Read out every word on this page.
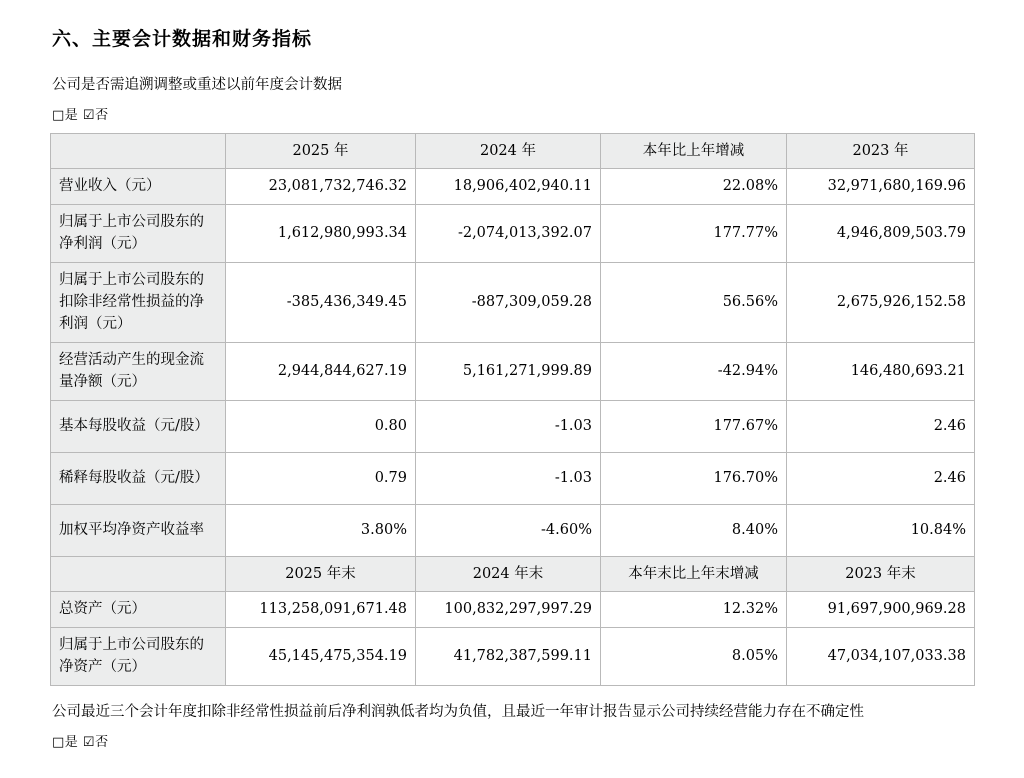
六、主要会计数据和财务指标

公司是否需追溯调整或重述以前年度会计数据

□是 ☑否
	2025 年	2024 年	本年比上年增减	2023 年
营业收入（元）	23,081,732,746.32	18,906,402,940.11	22.08%	32,971,680,169.96
归属于上市公司股东的净利润（元）	1,612,980,993.34	-2,074,013,392.07	177.77%	4,946,809,503.79
归属于上市公司股东的扣除非经常性损益的净利润（元）	-385,436,349.45	-887,309,059.28	56.56%	2,675,926,152.58
经营活动产生的现金流量净额（元）	2,944,844,627.19	5,161,271,999.89	-42.94%	146,480,693.21
基本每股收益（元/股）	0.80	-1.03	177.67%	2.46
稀释每股收益（元/股）	0.79	-1.03	176.70%	2.46
加权平均净资产收益率	3.80%	-4.60%	8.40%	10.84%
	2025 年末	2024 年末	本年末比上年末增减	2023 年末
总资产（元）	113,258,091,671.48	100,832,297,997.29	12.32%	91,697,900,969.28
归属于上市公司股东的净资产（元）	45,145,475,354.19	41,782,387,599.11	8.05%	47,034,107,033.38

公司最近三个会计年度扣除非经常性损益前后净利润孰低者均为负值，且最近一年审计报告显示公司持续经营能力存在不确定性

□是 ☑否
